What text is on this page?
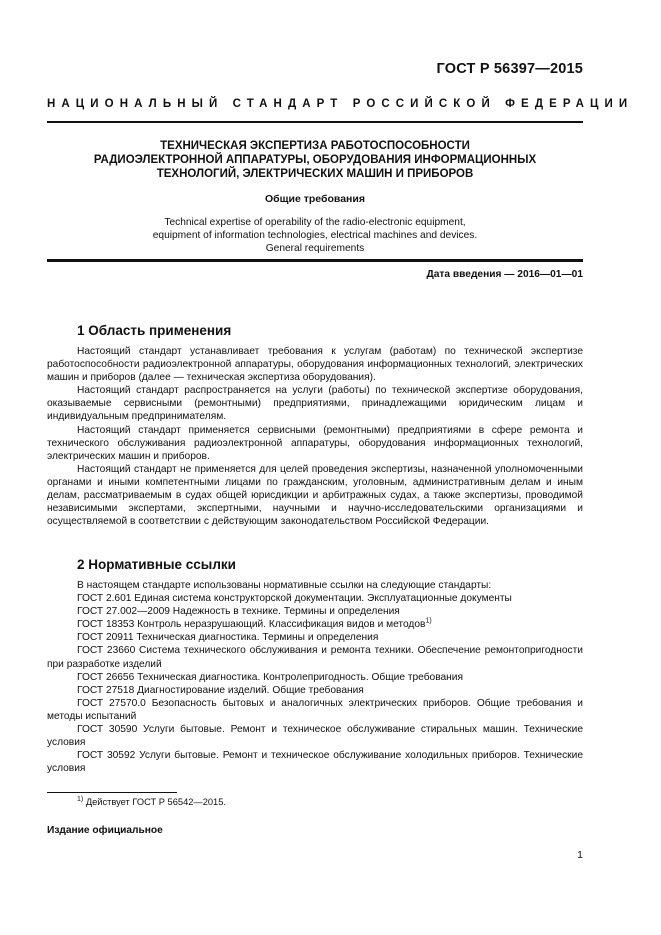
ГОСТ Р 56397—2015
НАЦИОНАЛЬНЫЙ СТАНДАРТ РОССИЙСКОЙ ФЕДЕРАЦИИ
ТЕХНИЧЕСКАЯ ЭКСПЕРТИЗА РАБОТОСПОСОБНОСТИ
РАДИОЭЛЕКТРОННОЙ АППАРАТУРЫ, ОБОРУДОВАНИЯ ИНФОРМАЦИОННЫХ
ТЕХНОЛОГИЙ, ЭЛЕКТРИЧЕСКИХ МАШИН И ПРИБОРОВ
Общие требования
Technical expertise of operability of the radio-electronic equipment,
equipment of information technologies, electrical machines and devices.
General requirements
Дата введения — 2016—01—01
1 Область применения

Настоящий стандарт устанавливает требования к услугам (работам) по технической экспертизе работоспособности радиоэлектронной аппаратуры, оборудования информационных технологий, электрических машин и приборов (далее — техническая экспертиза оборудования).

Настоящий стандарт распространяется на услуги (работы) по технической экспертизе оборудования, оказываемые сервисными (ремонтными) предприятиями, принадлежащими юридическим лицам и индивидуальным предпринимателям.

Настоящий стандарт применяется сервисными (ремонтными) предприятиями в сфере ремонта и технического обслуживания радиоэлектронной аппаратуры, оборудования информационных технологий, электрических машин и приборов.

Настоящий стандарт не применяется для целей проведения экспертизы, назначенной уполномоченными органами и иными компетентными лицами по гражданским, уголовным, административным делам и иным делам, рассматриваемым в судах общей юрисдикции и арбитражных судах, а также экспертизы, проводимой независимыми экспертами, экспертными, научными и научно-исследовательскими организациями и осуществляемой в соответствии с действующим законодательством Российской Федерации.

2 Нормативные ссылки

В настоящем стандарте использованы нормативные ссылки на следующие стандарты:

ГОСТ 2.601 Единая система конструкторской документации. Эксплуатационные документы

ГОСТ 27.002—2009 Надежность в технике. Термины и определения

ГОСТ 18353 Контроль неразрушающий. Классификация видов и методов$^{1)}$

ГОСТ 20911 Техническая диагностика. Термины и определения

ГОСТ 23660 Система технического обслуживания и ремонта техники. Обеспечение ремонтопригодности при разработке изделий

ГОСТ 26656 Техническая диагностика. Контролепригодность. Общие требования

ГОСТ 27518 Диагностирование изделий. Общие требования

ГОСТ 27570.0 Безопасность бытовых и аналогичных электрических приборов. Общие требования и методы испытаний

ГОСТ 30590 Услуги бытовые. Ремонт и техническое обслуживание стиральных машин. Технические условия

ГОСТ 30592 Услуги бытовые. Ремонт и техническое обслуживание холодильных приборов. Технические условия

$^{1)}$ Действует ГОСТ Р 56542—2015.
Издание официальное
1
